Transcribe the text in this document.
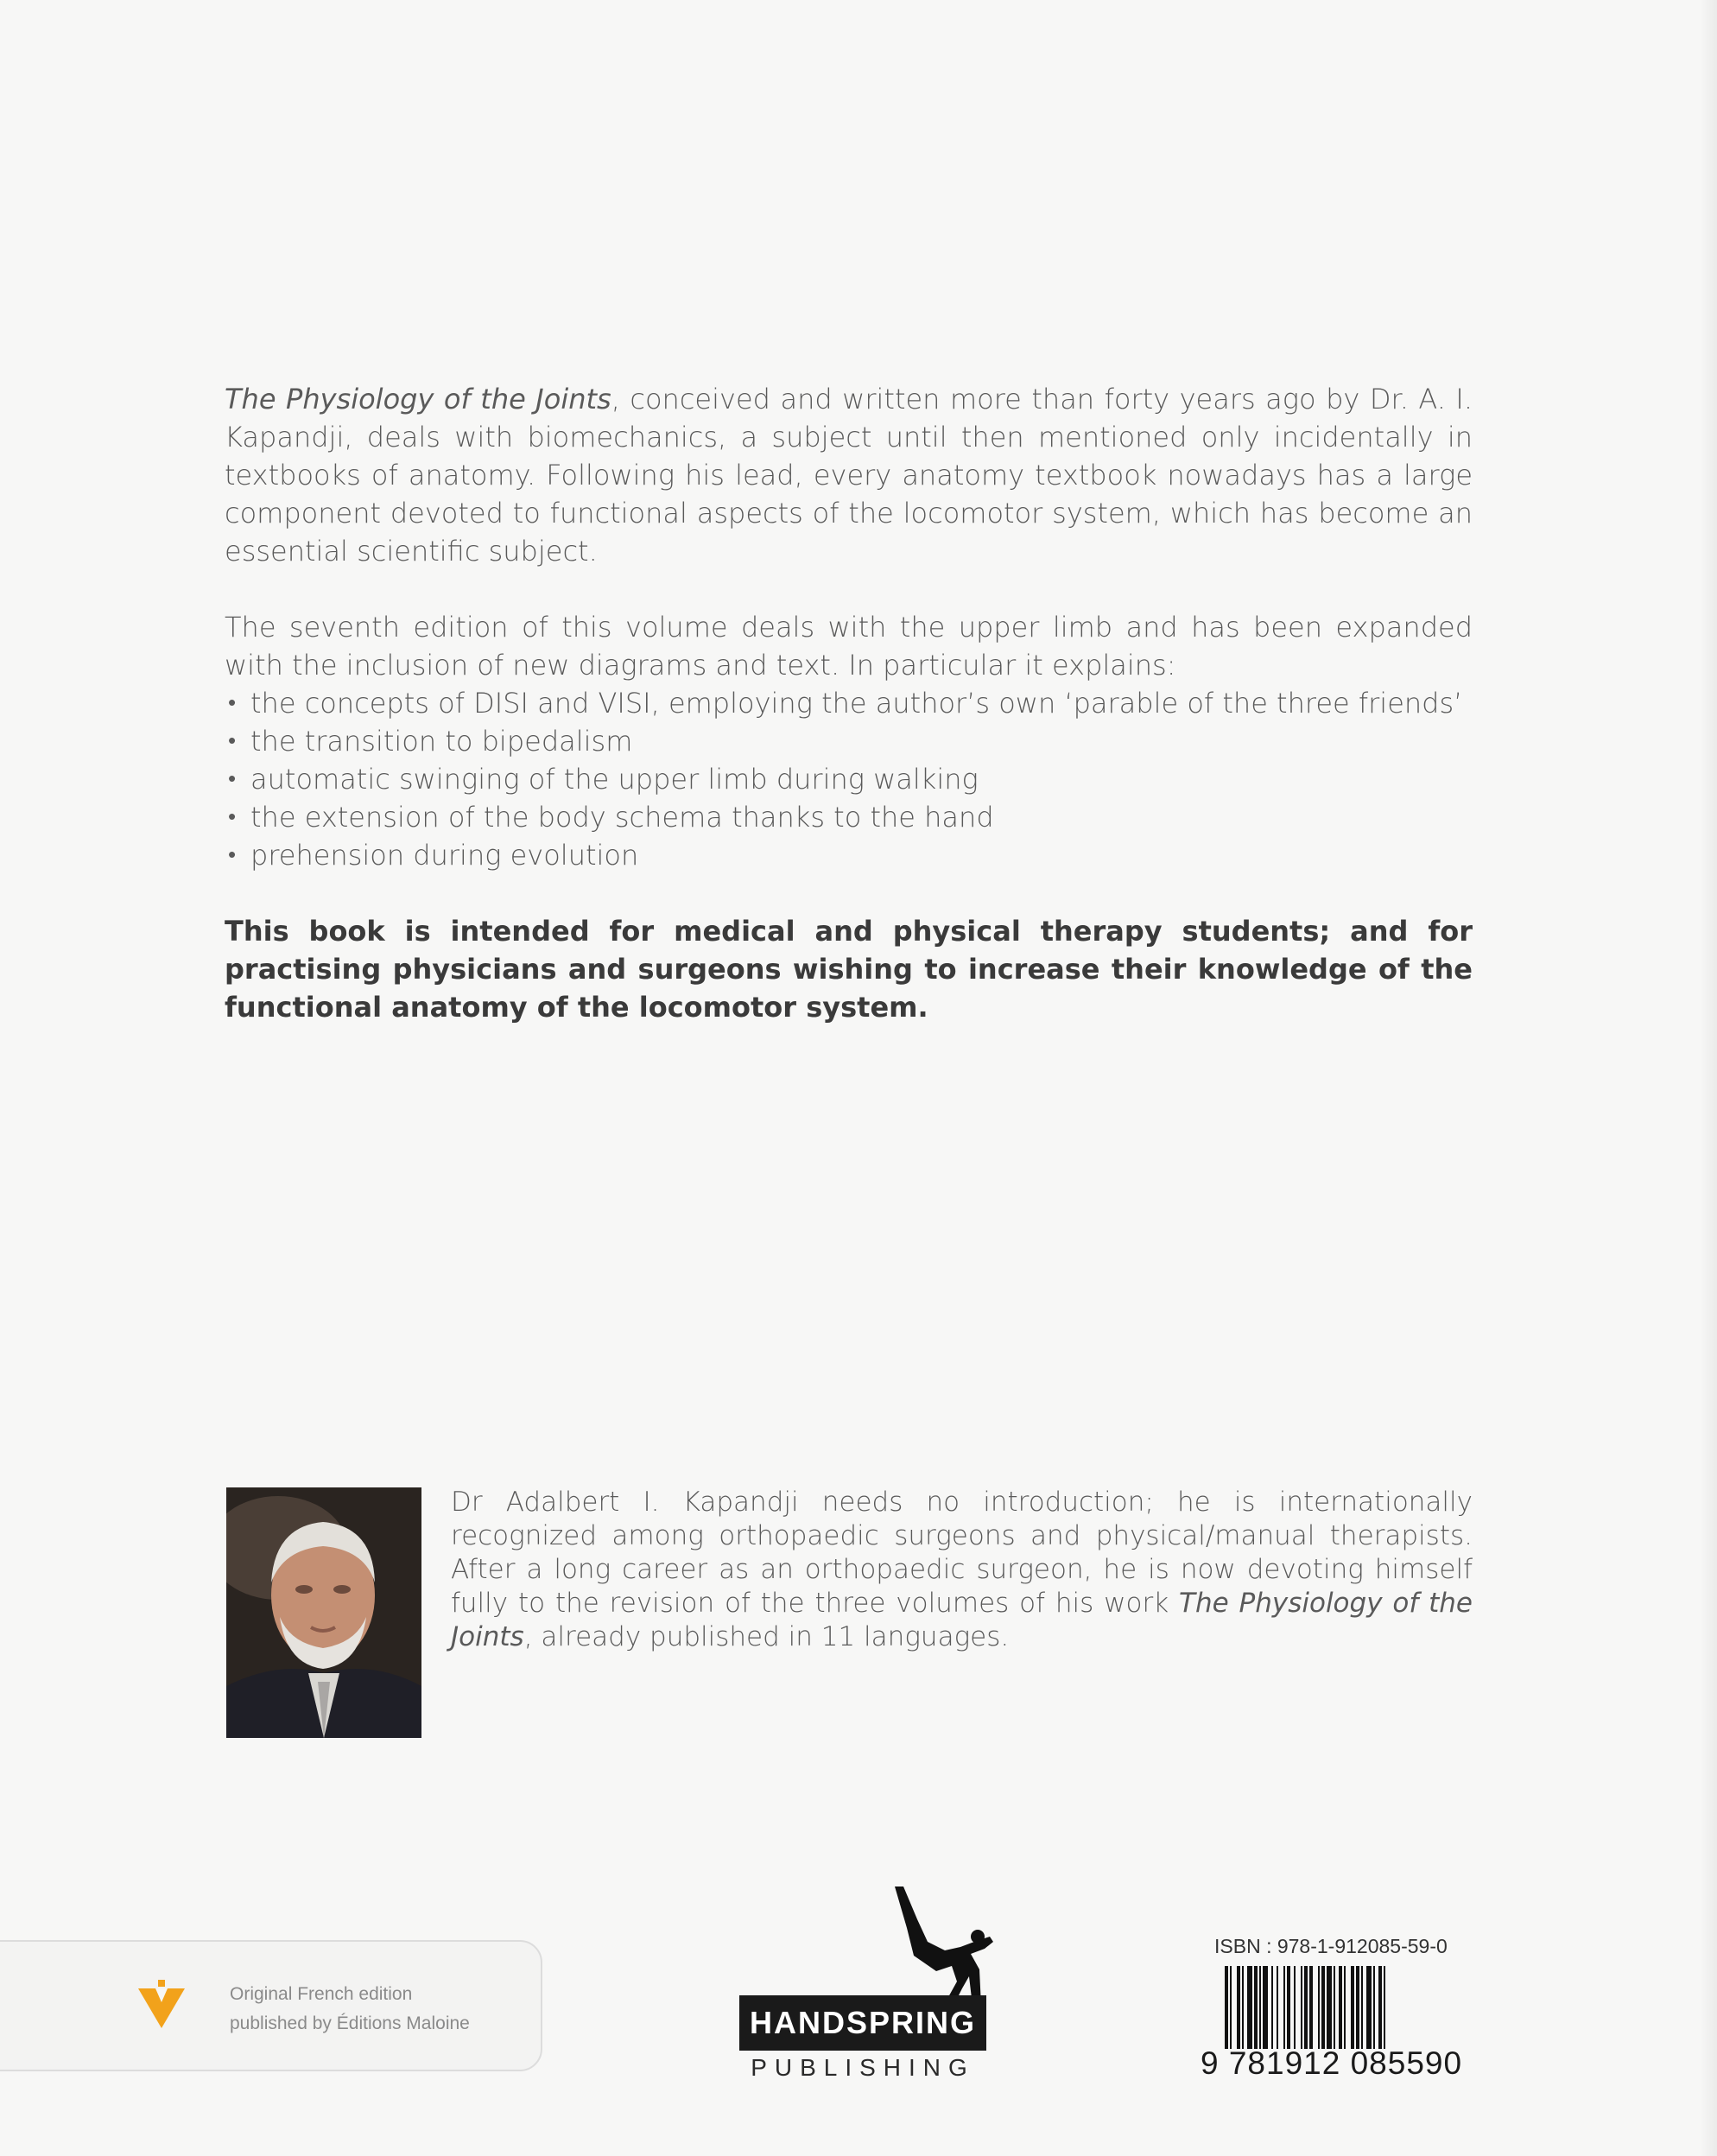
The Physiology of the Joints, conceived and written more than forty years ago by Dr. A. I. Kapandji, deals with biomechanics, a subject until then mentioned only incidentally in textbooks of anatomy. Following his lead, every anatomy textbook nowadays has a large component devoted to functional aspects of the locomotor system, which has become an essential scientific subject.

The seventh edition of this volume deals with the upper limb and has been expanded with the inclusion of new diagrams and text. In particular it explains:

• the concepts of DISI and VISI, employing the author’s own ‘parable of the three friends’
• the transition to bipedalism
• automatic swinging of the upper limb during walking
• the extension of the body schema thanks to the hand
• prehension during evolution

This book is intended for medical and physical therapy students; and for practising physicians and surgeons wishing to increase their knowledge of the functional anatomy of the locomotor system.

Dr Adalbert I. Kapandji needs no introduction; he is internationally recognized among orthopaedic surgeons and physical/manual therapists. After a long career as an orthopaedic surgeon, he is now devoting himself fully to the revision of the three volumes of his work The Physiology of the Joints, already published in 11 languages.

Original French edition
published by Éditions Maloine	HANDSPRING
PUBLISHING
ISBN : 978-1-912085-59-0
9 781912 085590
